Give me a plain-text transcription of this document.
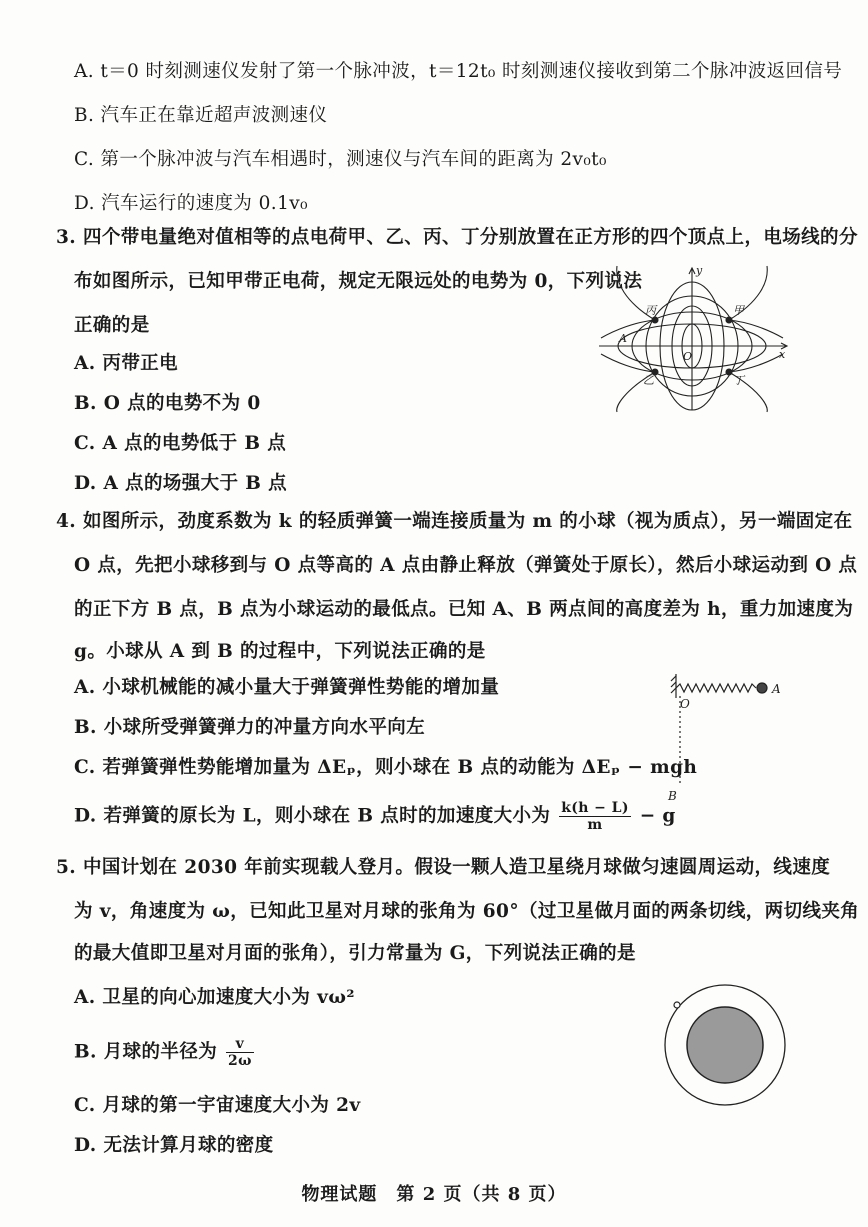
A. t＝0 时刻测速仪发射了第一个脉冲波，t＝12t₀ 时刻测速仪接收到第二个脉冲波返回信号
B. 汽车正在靠近超声波测速仪
C. 第一个脉冲波与汽车相遇时，测速仪与汽车间的距离为 2v₀t₀
D. 汽车运行的速度为 0.1v₀
3. 四个带电量绝对值相等的点电荷甲、乙、丙、丁分别放置在正方形的四个顶点上，电场线的分
布如图所示，已知甲带正电荷，规定无限远处的电势为 0，下列说法
正确的是
A. 丙带正电
B. O 点的电势不为 0
C. A 点的电势低于 B 点
D. A 点的场强大于 B 点
y
x
丙	甲
乙	丁
A
O
4. 如图所示，劲度系数为 k 的轻质弹簧一端连接质量为 m 的小球（视为质点），另一端固定在
O 点，先把小球移到与 O 点等高的 A 点由静止释放（弹簧处于原长），然后小球运动到 O 点
的正下方 B 点，B 点为小球运动的最低点。已知 A、B 两点间的高度差为 h，重力加速度为
g。小球从 A 到 B 的过程中，下列说法正确的是
A. 小球机械能的减小量大于弹簧弹性势能的增加量
B. 小球所受弹簧弹力的冲量方向水平向左
C. 若弹簧弹性势能增加量为 ΔEₚ，则小球在 B 点的动能为 ΔEₚ − mgh
D. 若弹簧的原长为 L，则小球在 B 点时的加速度大小为 $\frac{k(h - L)}{m} - g$
O
A
B
5. 中国计划在 2030 年前实现载人登月。假设一颗人造卫星绕月球做匀速圆周运动，线速度
为 v，角速度为 ω，已知此卫星对月球的张角为 60°（过卫星做月面的两条切线，两切线夹角
的最大值即卫星对月面的张角），引力常量为 G，下列说法正确的是
A. 卫星的向心加速度大小为 vω²
B. 月球的半径为 $\frac{v}{2\omega}$
C. 月球的第一宇宙速度大小为 2v
D. 无法计算月球的密度
物理试题　第 2 页（共 8 页）
